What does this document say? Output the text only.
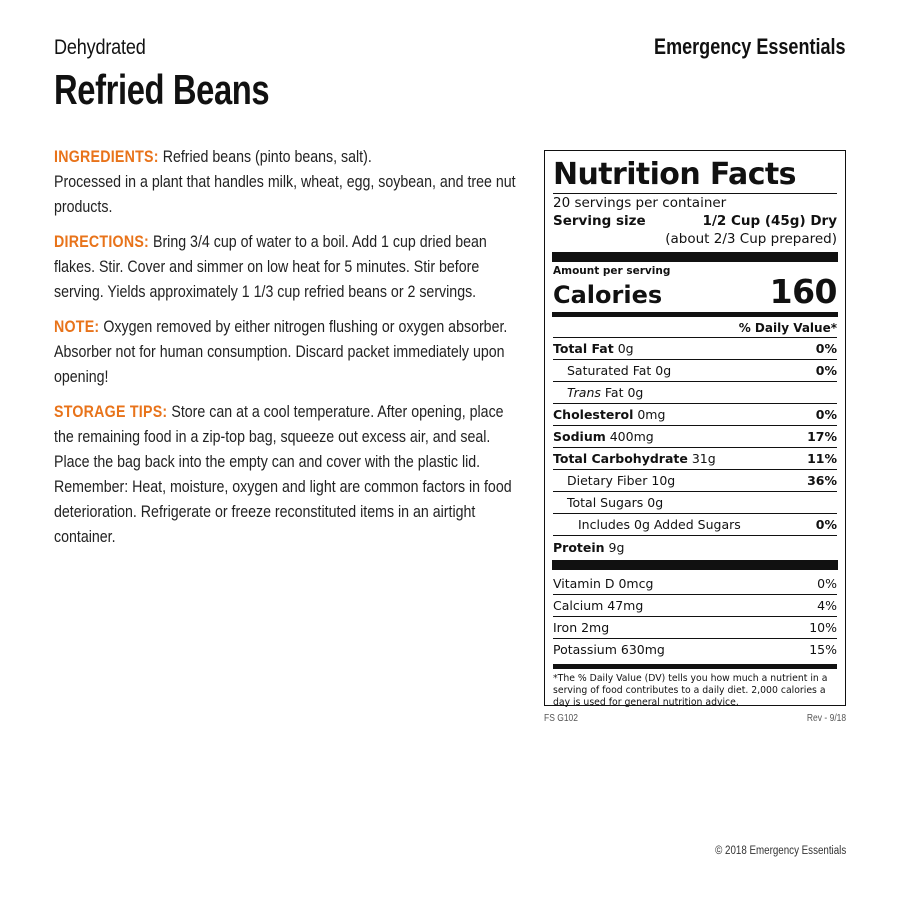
Dehydrated
Refried Beans
Emergency Essentials

INGREDIENTS: Refried beans (pinto beans, salt).
Processed in a plant that handles milk, wheat, egg, soybean, and tree nut products.

DIRECTIONS: Bring 3/4 cup of water to a boil. Add 1 cup dried bean flakes. Stir. Cover and simmer on low heat for 5 minutes. Stir before serving. Yields approximately 1 1/3 cup refried beans or 2 servings.

NOTE: Oxygen removed by either nitrogen flushing or oxygen absorber. Absorber not for human consumption. Discard packet immediately upon opening!

STORAGE TIPS: Store can at a cool temperature. After opening, place the remaining food in a zip-top bag, squeeze out excess air, and seal. Place the bag back into the empty can and cover with the plastic lid. Remember: Heat, moisture, oxygen and light are common factors in food deterioration. Refrigerate or freeze reconstituted items in an airtight container.

Nutrition Facts
20 servings per container
Serving size	1/2 Cup (45g) Dry
(about 2/3 Cup prepared)
Amount per serving
Calories	160
% Daily Value*
Total Fat 0g	0%
Saturated Fat 0g	0%
Trans Fat 0g
Cholesterol 0mg	0%
Sodium 400mg	17%
Total Carbohydrate 31g	11%
Dietary Fiber 10g	36%
Total Sugars 0g
Includes 0g Added Sugars	0%
Protein 9g
Vitamin D 0mcg	0%
Calcium 47mg	4%
Iron 2mg	10%
Potassium 630mg	15%
*The % Daily Value (DV) tells you how much a nutrient in a serving of food contributes to a daily diet. 2,000 calories a day is used for general nutrition advice.
FS G102	Rev - 9/18
© 2018 Emergency Essentials
